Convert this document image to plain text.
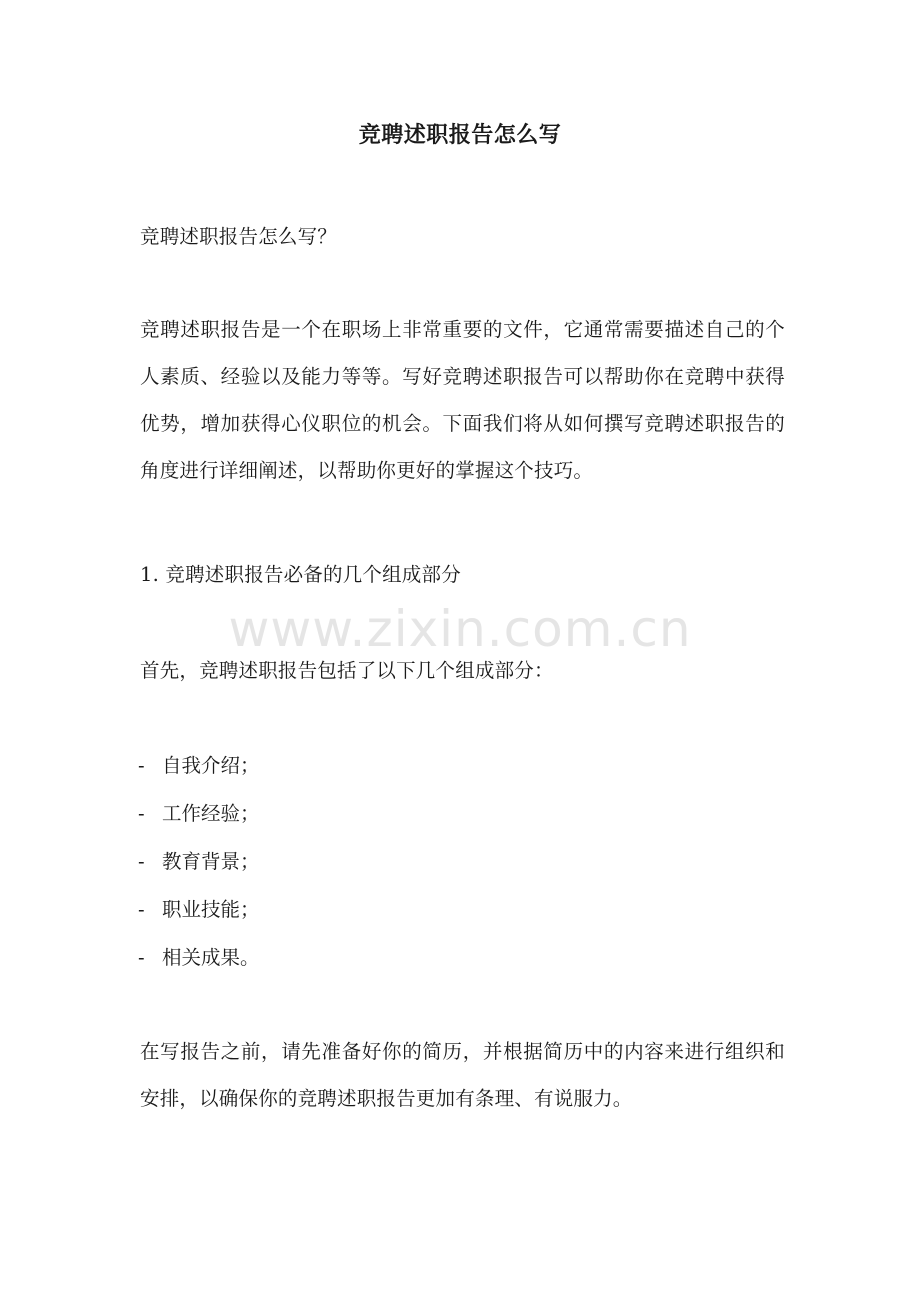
竞聘述职报告怎么写
竞聘述职报告怎么写？
竞聘述职报告是一个在职场上非常重要的文件，它通常需要描述自己的个人素质、经验以及能力等等。写好竞聘述职报告可以帮助你在竞聘中获得优势，增加获得心仪职位的机会。下面我们将从如何撰写竞聘述职报告的角度进行详细阐述，以帮助你更好的掌握这个技巧。
1. 竞聘述职报告必备的几个组成部分
首先，竞聘述职报告包括了以下几个组成部分：
- 自我介绍；
- 工作经验；
- 教育背景；
- 职业技能；
- 相关成果。
在写报告之前，请先准备好你的简历，并根据简历中的内容来进行组织和安排，以确保你的竞聘述职报告更加有条理、有说服力。
www.zixin.com.cn
